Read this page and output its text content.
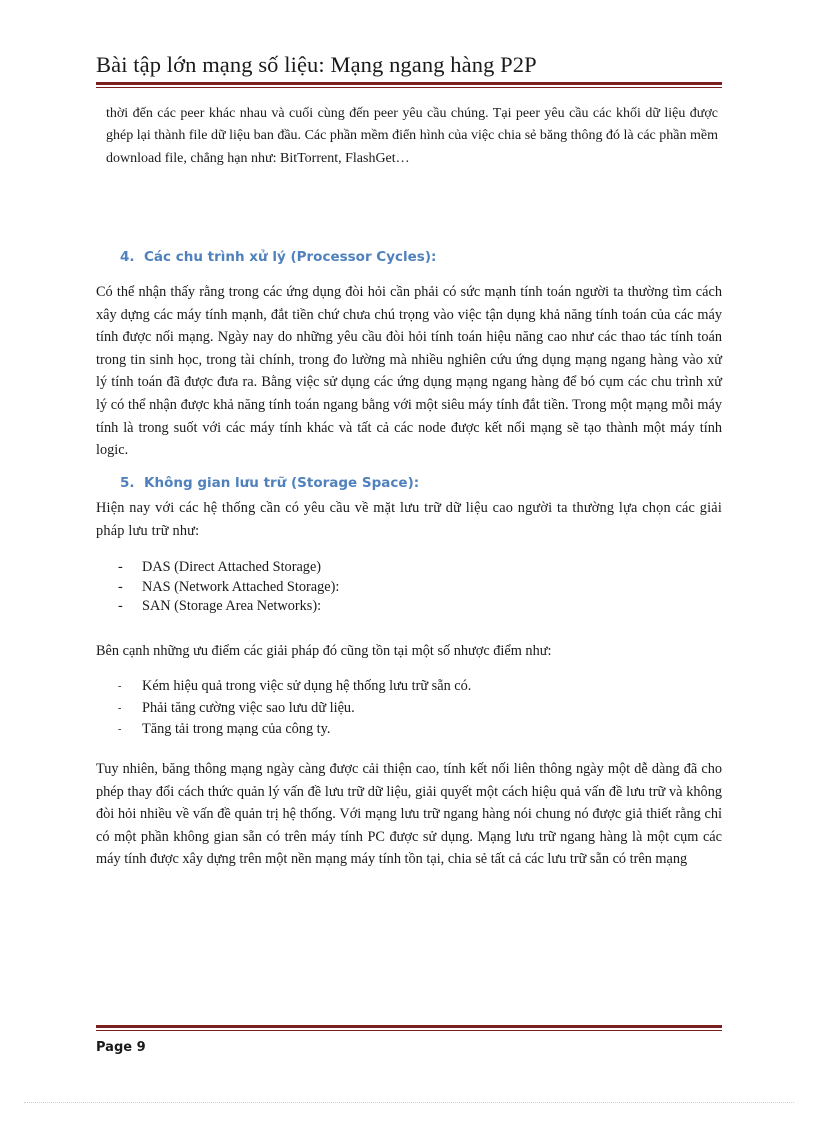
Bài tập lớn mạng số liệu: Mạng ngang hàng P2P
thời đến các peer khác nhau và cuối cùng đến peer yêu cầu chúng. Tại peer yêu cầu các khối dữ liệu được ghép lại thành file dữ liệu ban đầu. Các phần mềm điển hình của việc chia sẻ băng thông đó là các phần mềm download file, chẳng hạn như: BitTorrent, FlashGet…
4. Các chu trình xử lý (Processor Cycles):
Có thể nhận thấy rằng trong các ứng dụng đòi hỏi cần phải có sức mạnh tính toán người ta thường tìm cách xây dựng các máy tính mạnh, đắt tiền chứ chưa chú trọng vào việc tận dụng khả năng tính toán của các máy tính được nối mạng. Ngày nay do những yêu cầu đòi hỏi tính toán hiệu năng cao như các thao tác tính toán trong tin sinh học, trong tài chính, trong đo lường mà nhiều nghiên cứu ứng dụng mạng ngang hàng vào xử lý tính toán đã được đưa ra. Bằng việc sử dụng các ứng dụng mạng ngang hàng để bó cụm các chu trình xử lý có thể nhận được khả năng tính toán ngang bằng với một siêu máy tính đắt tiền. Trong một mạng mỗi máy tính là trong suốt với các máy tính khác và tất cả các node được kết nối mạng sẽ tạo thành một máy tính logic.
5. Không gian lưu trữ (Storage Space):
Hiện nay với các hệ thống cần có yêu cầu về mặt lưu trữ dữ liệu cao người ta thường lựa chọn các giải pháp lưu trữ như:
- DAS (Direct Attached Storage)
- NAS (Network Attached Storage):
- SAN (Storage Area Networks):
Bên cạnh những ưu điểm các giải pháp đó cũng tồn tại một số nhược điểm như:
- Kém hiệu quả trong việc sử dụng hệ thống lưu trữ sẵn có.
- Phải tăng cường việc sao lưu dữ liệu.
- Tăng tải trong mạng của công ty.
Tuy nhiên, băng thông mạng ngày càng được cải thiện cao, tính kết nối liên thông ngày một dễ dàng đã cho phép thay đổi cách thức quản lý vấn đề lưu trữ dữ liệu, giải quyết một cách hiệu quả vấn đề lưu trữ và không đòi hỏi nhiều về vấn đề quản trị hệ thống. Với mạng lưu trữ ngang hàng nói chung nó được giả thiết rằng chỉ có một phần không gian sẵn có trên máy tính PC được sử dụng. Mạng lưu trữ ngang hàng là một cụm các máy tính được xây dựng trên một nền mạng máy tính tồn tại, chia sẻ tất cả các lưu trữ sẵn có trên mạng
Page 9
